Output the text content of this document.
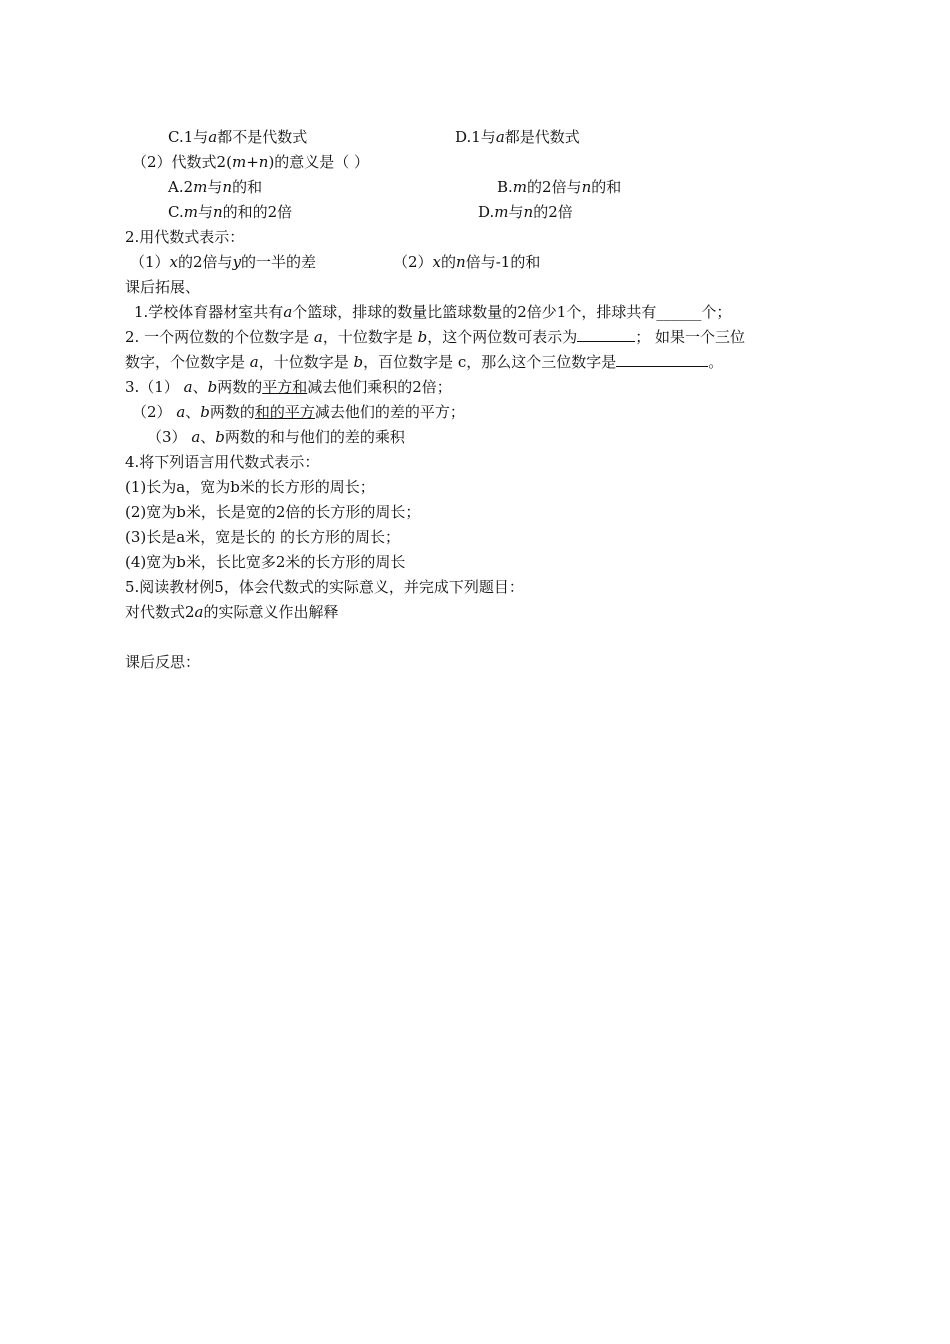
C.1与a都不是代数式	D.1与a都是代数式
（2）代数式2(m+n)的意义是（ ）
A.2m与n的和	B.m的2倍与n的和
C.m与n的和的2倍	D.m与n的2倍
2.用代数式表示：
（1）x的2倍与y的一半的差	（2）x的n倍与-1的和
课后拓展、
1.学校体育器材室共有a个篮球，排球的数量比篮球数量的2倍少1个，排球共有______个；
2. 一个两位数的个位数字是 a，十位数字是 b，这个两位数可表示为	； 如果一个三位
数字，个位数字是 a，十位数字是 b，百位数字是 c，那么这个三位数字是	。
3.（1） a、b两数的平方和减去他们乘积的2倍；
（2） a、b两数的和的平方减去他们的差的平方；
（3） a、b两数的和与他们的差的乘积
4.将下列语言用代数式表示：
(1)长为a，宽为b米的长方形的周长；
(2)宽为b米，长是宽的2倍的长方形的周长；
(3)长是a米，宽是长的 的长方形的周长；
(4)宽为b米，长比宽多2米的长方形的周长
5.阅读教材例5，体会代数式的实际意义，并完成下列题目：
对代数式2a的实际意义作出解释
课后反思：
